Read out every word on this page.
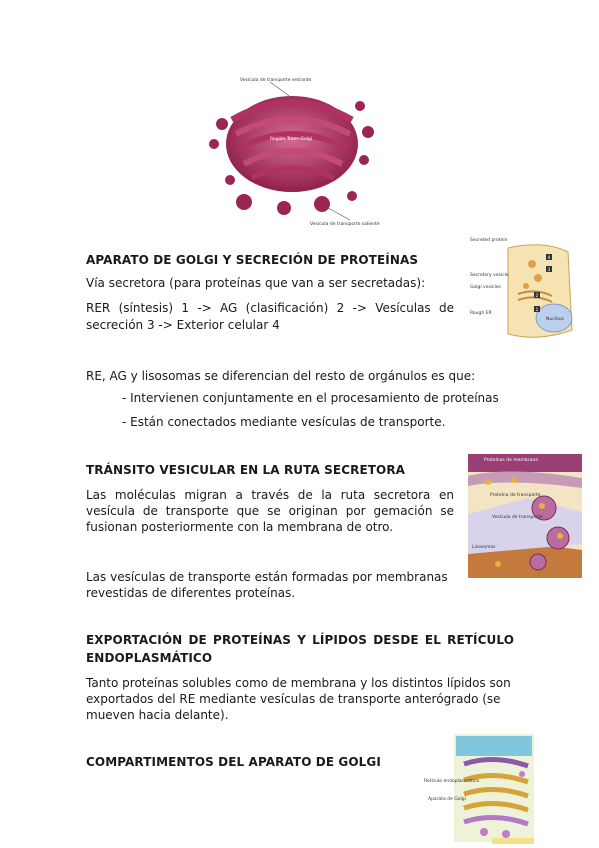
Vesícula de transporte entrante
Región Cis-Golgi
Región Trans-Golgi
Vesícula de transporte saliente
4
3
2
1
Secreted protein
Secretory vesicle
Golgi vesicles
Rough ER
Nucleus
Proteínas de membrana
Proteína de transporte
Vesícula de transporte
Lisosomas
Retículo endoplasmático
Aparato de Golgi
APARATO DE GOLGI Y SECRECIÓN DE PROTEÍNAS
Vía secretora (para proteínas que van a ser secretadas):
RER (síntesis) 1 -> AG (clasificación) 2 -> Vesículas de
secreción 3 -> Exterior celular 4
RE, AG y lisosomas se diferencian del resto de orgánulos es que:
- Intervienen conjuntamente en el procesamiento de proteínas
- Están conectados mediante vesículas de transporte.
TRÁNSITO VESICULAR EN LA RUTA SECRETORA
Las moléculas migran a través de la ruta secretora en
vesícula de transporte que se originan por gemación se
fusionan posteriormente con la membrana de otro.
Las vesículas de transporte están formadas por membranas
revestidas de diferentes proteínas.
EXPORTACIÓN DE PROTEÍNAS Y LÍPIDOS DESDE EL RETÍCULO
ENDOPLASMÁTICO
Tanto proteínas solubles como de membrana y los distintos lípidos son
exportados del RE mediante vesículas de transporte anterógrado (se
mueven hacia delante).
COMPARTIMENTOS DEL APARATO DE GOLGI
